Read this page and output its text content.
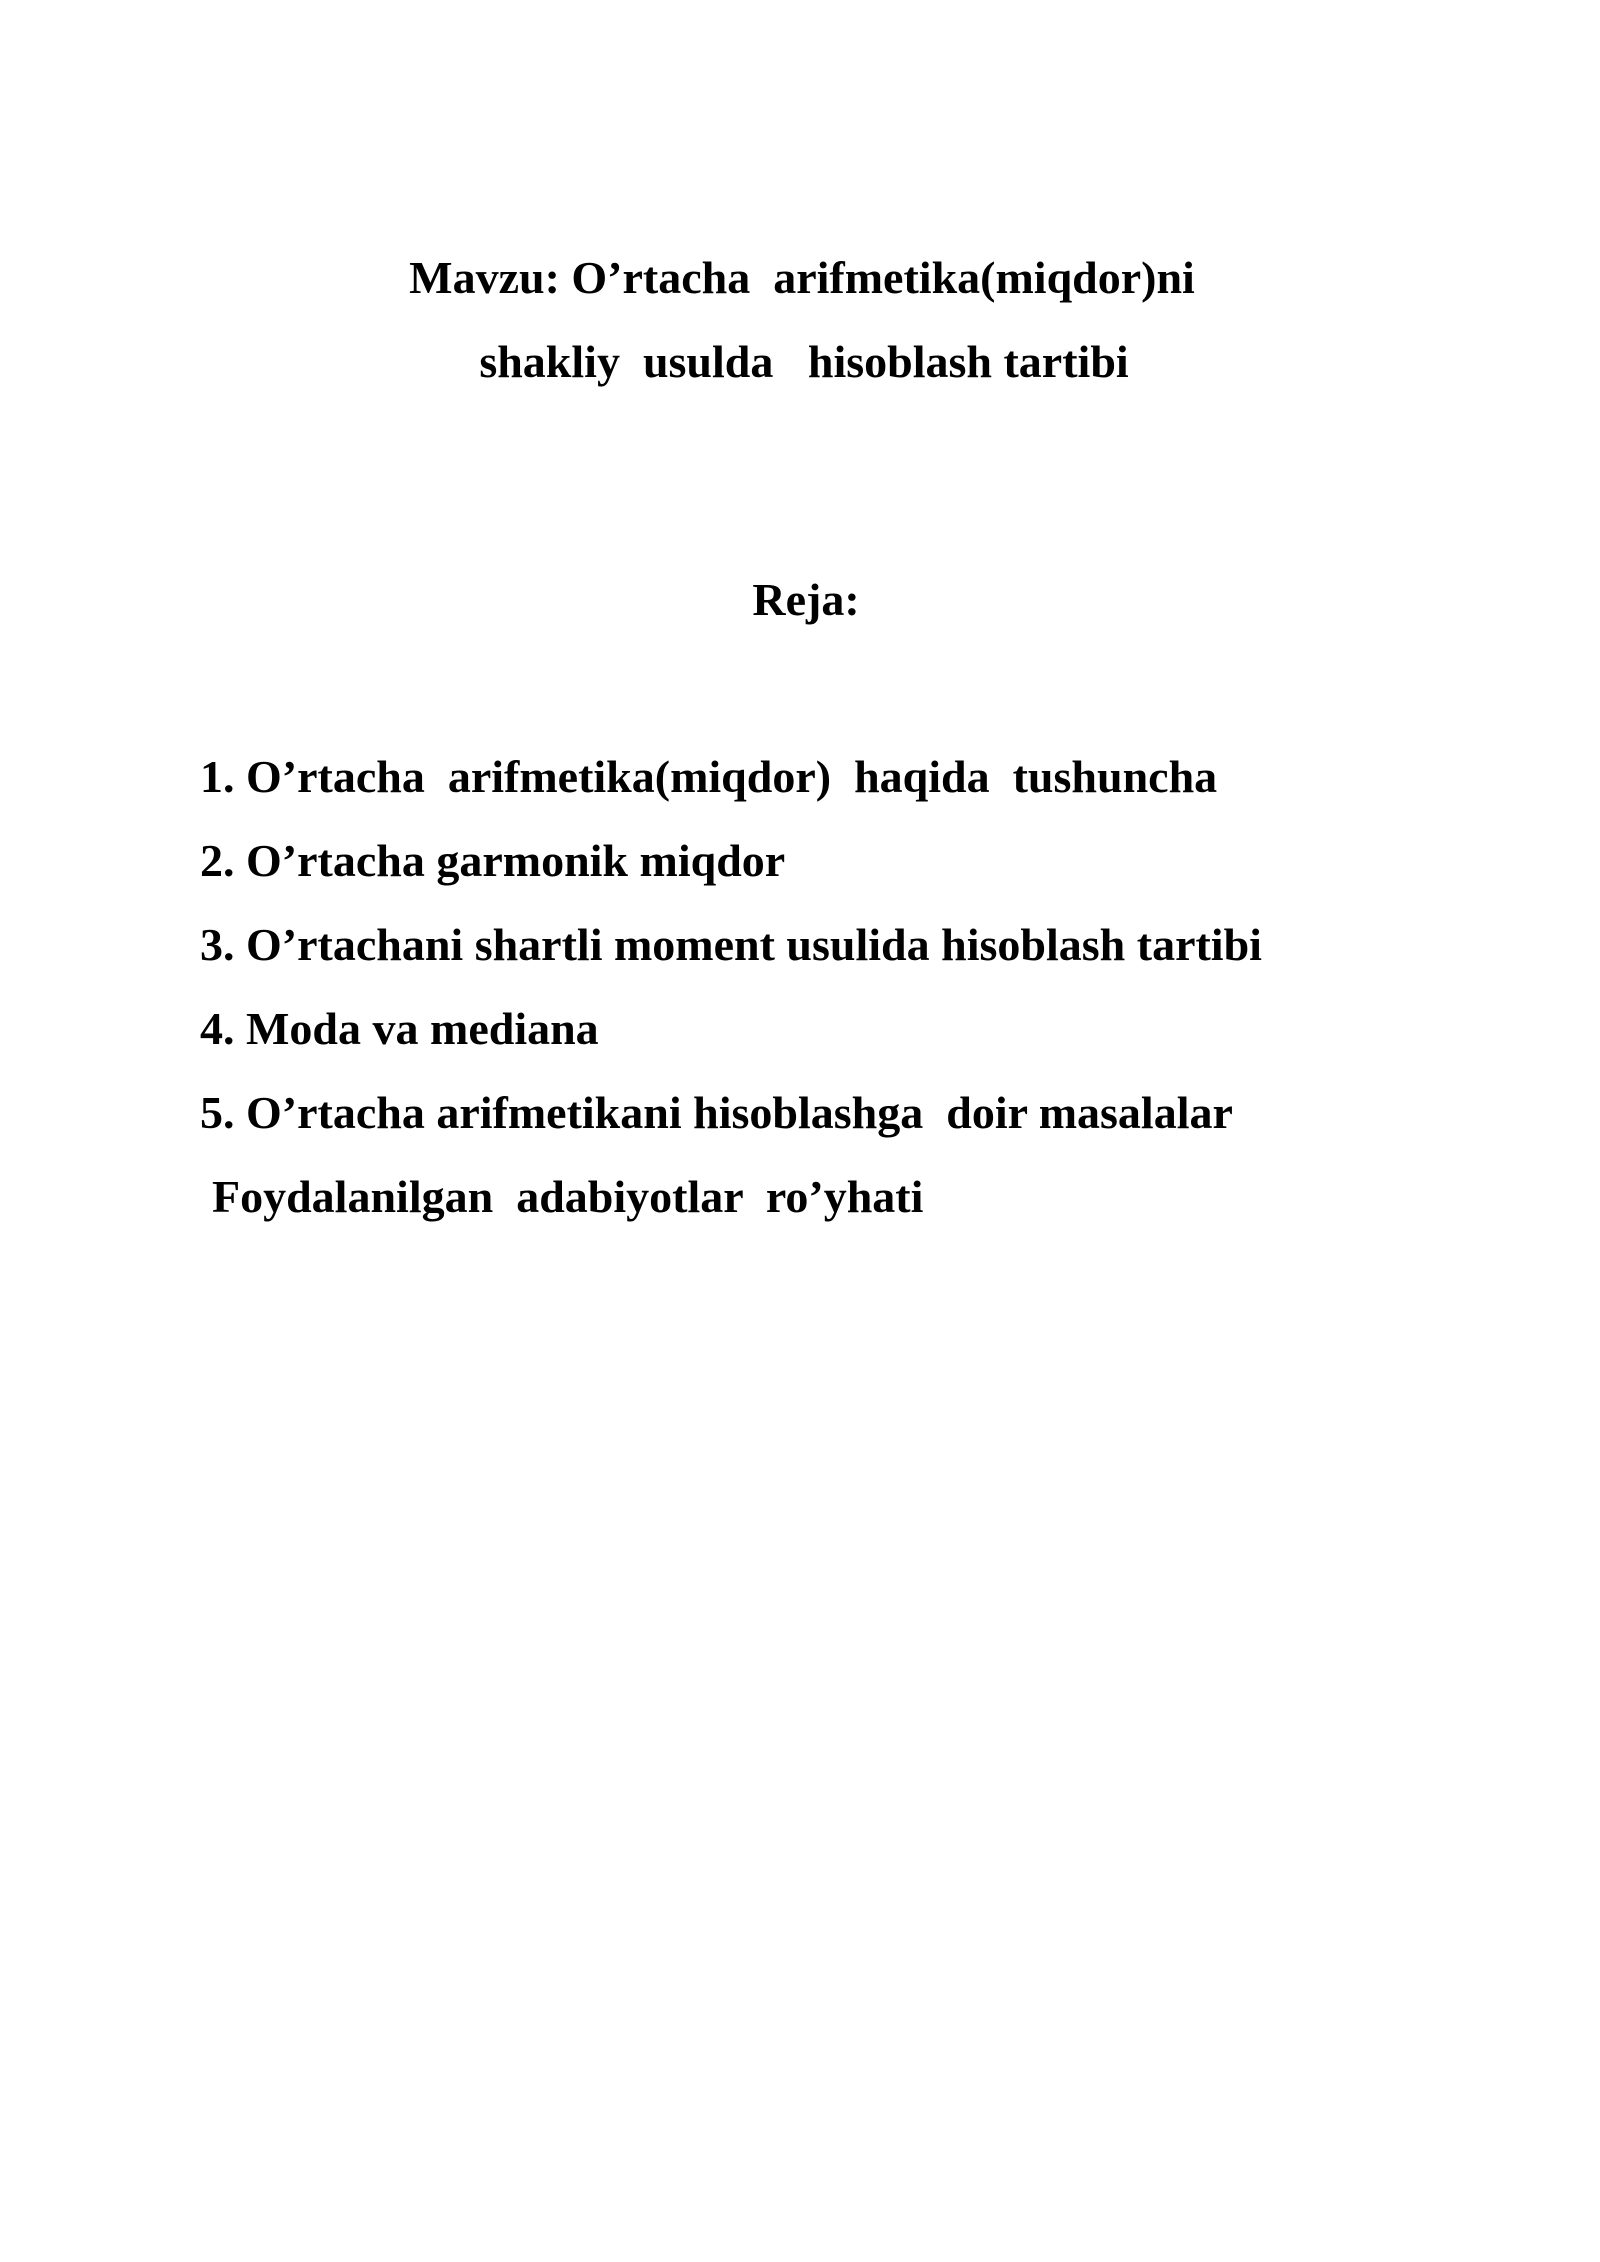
Mavzu: O’rtacha  arifmetika(miqdor)ni
shakliy  usulda   hisoblash tartibi
Reja:
1. O’rtacha  arifmetika(miqdor)  haqida  tushuncha
2. O’rtacha garmonik miqdor
3. O’rtachani shartli moment usulida hisoblash tartibi
4. Moda va mediana
5. O’rtacha arifmetikani hisoblashga  doir masalalar
Foydalanilgan  adabiyotlar  ro’yhati
